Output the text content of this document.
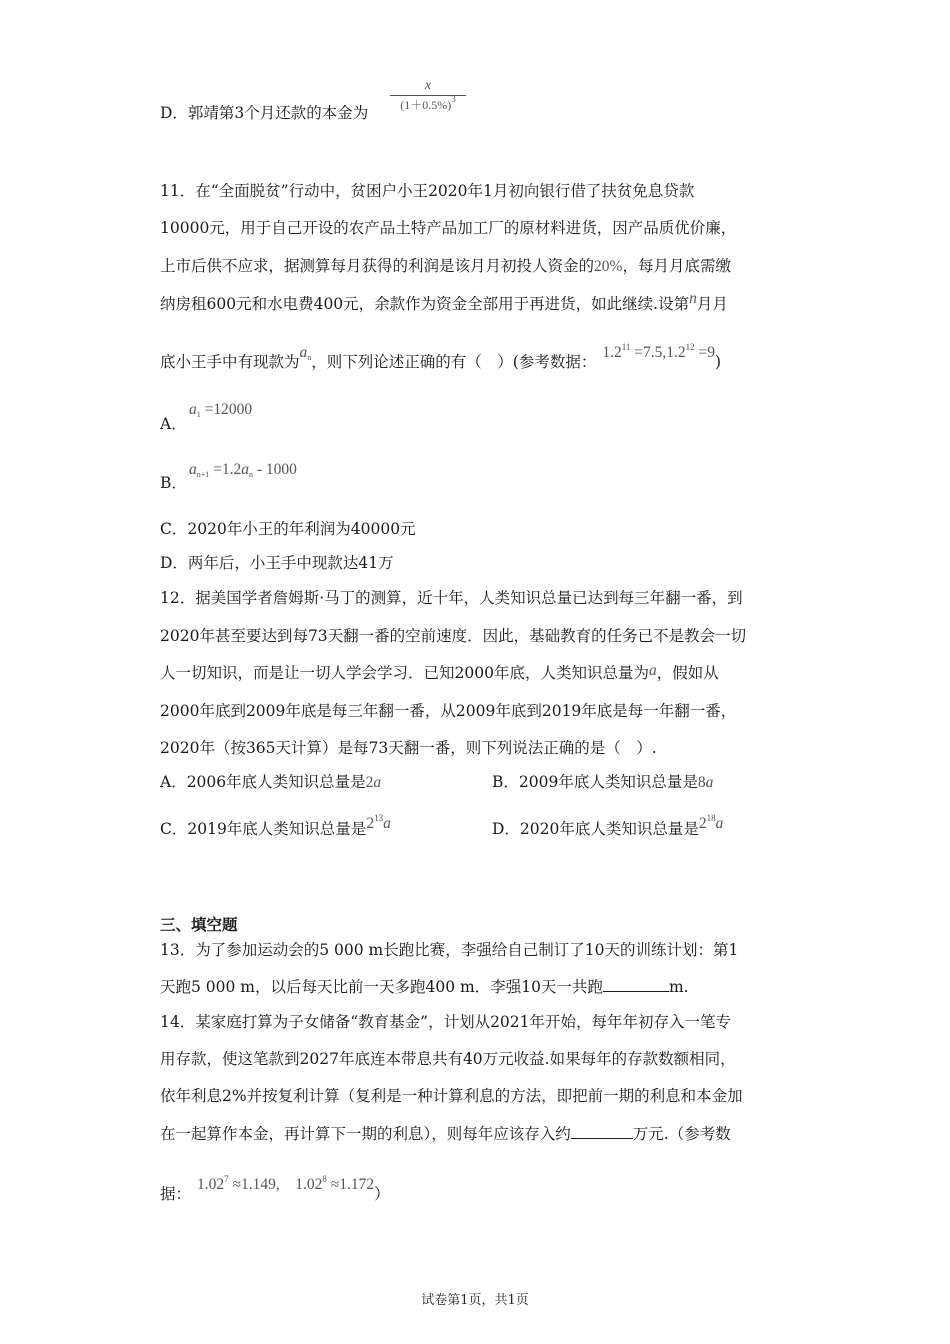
D．郭靖第3个月还款的本金为
x
$(1+0.5\%)^3$
11．在“全面脱贫”行动中，贫困户小王2020年1月初向银行借了扶贫免息贷款
10000元，用于自己开设的农产品土特产品加工厂的原材料进货，因产品质优价廉，
上市后供不应求，据测算每月获得的利润是该月月初投人资金的20%，每月月底需缴
纳房租600元和水电费400元，余款作为资金全部用于再进货，如此继续.设第n月月
底小王手中有现款为an，则下列论述正确的有（　）(参考数据：$1.2^{11} =7.5,1.2^{12} =9$)
A．
a1 =12000
B．
an+1 =1.2an - 1000
C．2020年小王的年利润为40000元
D．两年后，小王手中现款达41万
12．据美国学者詹姆斯·马丁的测算，近十年，人类知识总量已达到每三年翻一番，到
2020年甚至要达到每73天翻一番的空前速度．因此，基础教育的任务已不是教会一切
人一切知识，而是让一切人学会学习．已知2000年底，人类知识总量为a，假如从
2000年底到2009年底是每三年翻一番，从2009年底到2019年底是每一年翻一番，
2020年（按365天计算）是每73天翻一番，则下列说法正确的是（　）.
A．2006年底人类知识总量是2a	B．2009年底人类知识总量是8a
C．2019年底人类知识总量是$2^{13}a$	D．2020年底人类知识总量是$2^{18}a$
三、填空题
13．为了参加运动会的5 000 m长跑比赛，李强给自己制订了10天的训练计划：第1
天跑5 000 m，以后每天比前一天多跑400 m．李强10天一共跑	m.
14．某家庭打算为子女储备“教育基金”，计划从2021年开始，每年年初存入一笔专
用存款，使这笔款到2027年底连本带息共有40万元收益.如果每年的存款数额相同，
依年利息2%并按复利计算（复利是一种计算利息的方法，即把前一期的利息和本金加
在一起算作本金，再计算下一期的利息），则每年应该存入约	万元.（参考数
据：$1.02^7 \approx 1.149$,　$1.02^8 \approx 1.172$）
试卷第1页，共1页
